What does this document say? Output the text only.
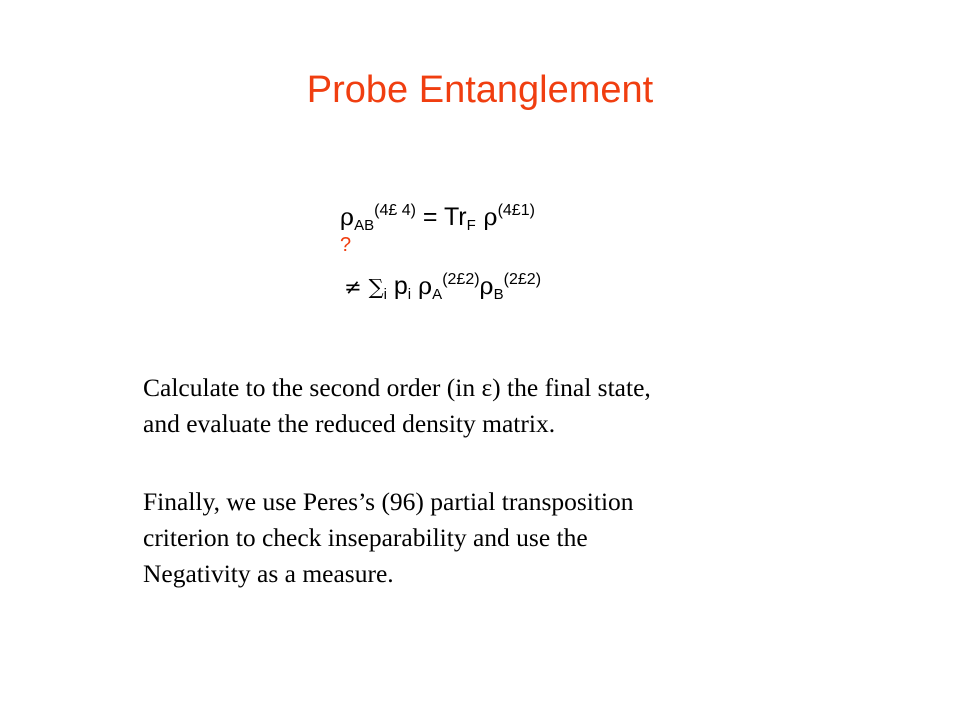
Probe Entanglement
$\rho_{AB}^{(4£ 4)} = Tr_F$ $\rho^{(4£1)}$
?
≠ $\sum_i$ $p_i$ $\rho_A^{(2£2)}\rho_B^{(2£2)}$

Calculate to the second order (in ε) the final state,
and evaluate the reduced density matrix.

Finally, we use Peres’s (96) partial transposition
criterion to check inseparability and use the
Negativity as a measure.
